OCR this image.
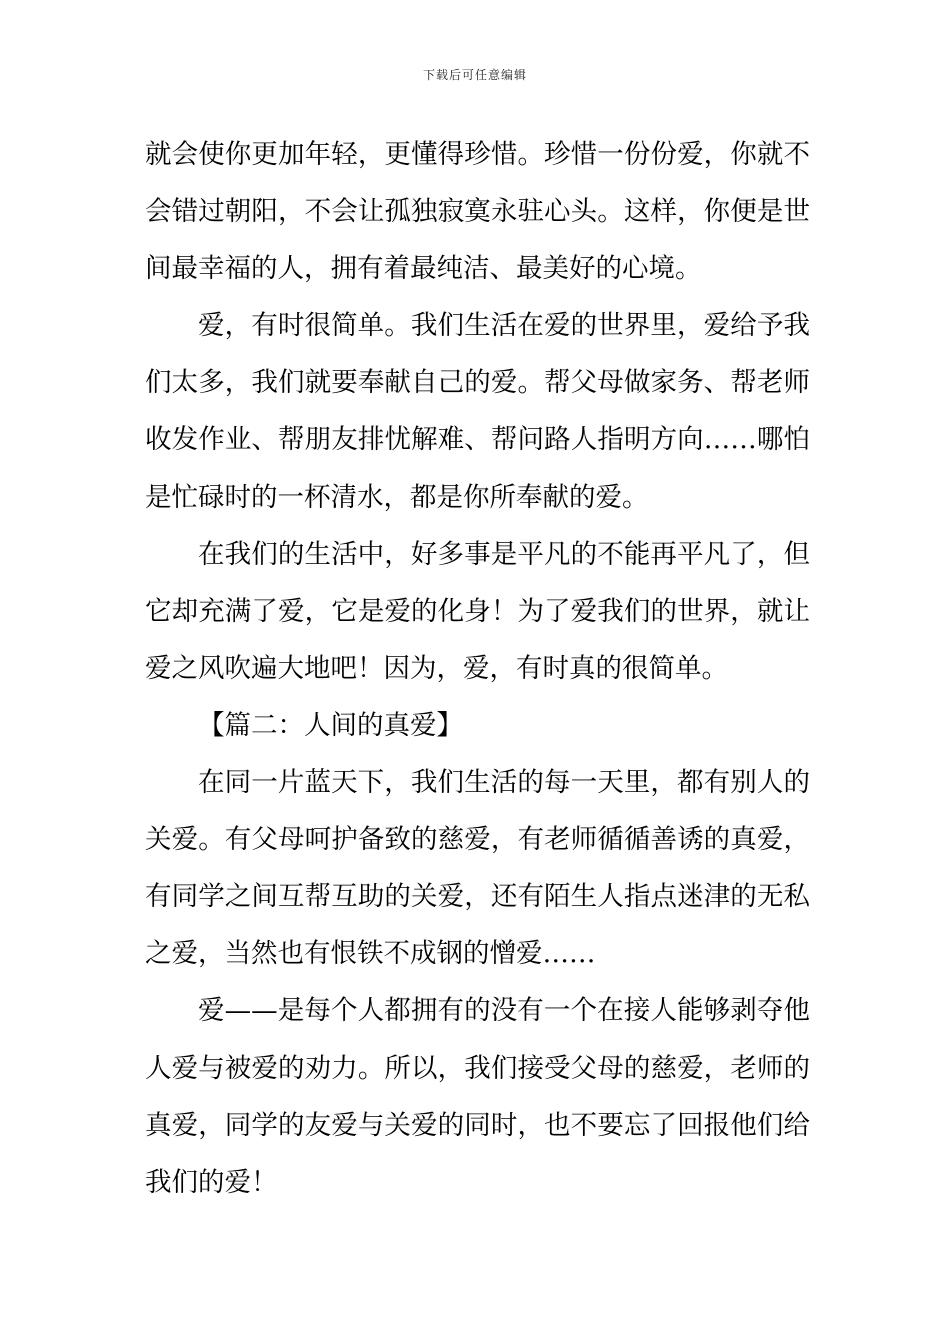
下载后可任意编辑

就会使你更加年轻，更懂得珍惜。珍惜一份份爱，你就不会错过朝阳，不会让孤独寂寞永驻心头。这样，你便是世间最幸福的人，拥有着最纯洁、最美好的心境。

爱，有时很简单。我们生活在爱的世界里，爱给予我们太多，我们就要奉献自己的爱。帮父母做家务、帮老师收发作业、帮朋友排忧解难、帮问路人指明方向……哪怕是忙碌时的一杯清水，都是你所奉献的爱。

在我们的生活中，好多事是平凡的不能再平凡了，但它却充满了爱，它是爱的化身！为了爱我们的世界，就让爱之风吹遍大地吧！因为，爱，有时真的很简单。

【篇二：人间的真爱】

在同一片蓝天下，我们生活的每一天里，都有别人的关爱。有父母呵护备致的慈爱，有老师循循善诱的真爱，有同学之间互帮互助的关爱，还有陌生人指点迷津的无私之爱，当然也有恨铁不成钢的憎爱……

爱——是每个人都拥有的没有一个在接人能够剥夺他人爱与被爱的劝力。所以，我们接受父母的慈爱，老师的真爱，同学的友爱与关爱的同时，也不要忘了回报他们给我们的爱！
